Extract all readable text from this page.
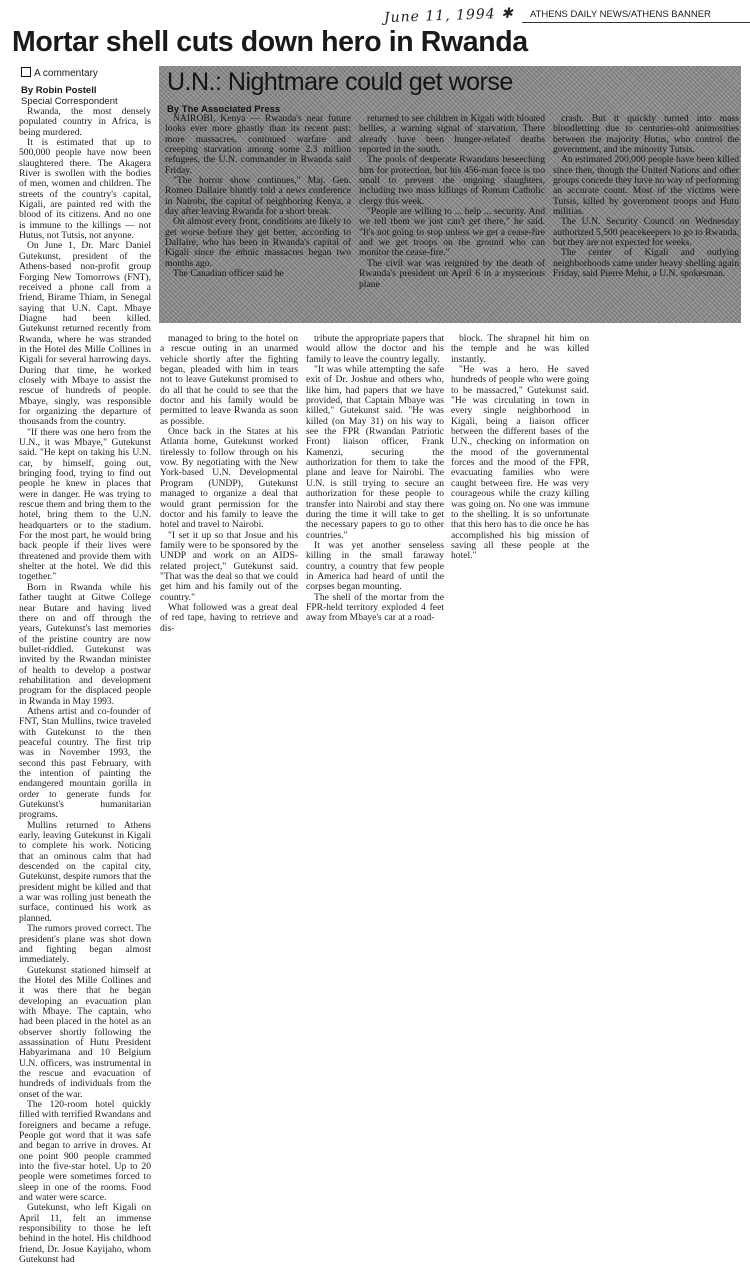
June 11, 1994 ✱ ATHENS DAILY NEWS/ATHENS BANNER
Mortar shell cuts down hero in Rwanda
A commentary
By Robin Postell
Special Correspondent
U.N.: Nightmare could get worse
By The Associated Press

NAIROBI, Kenya — Rwanda's near future looks ever more ghastly than its recent past: more massacres, continued warfare and creeping starvation among some 2.3 million refugees, the U.N. commander in Rwanda said Friday.

"The horror show continues," Maj. Gen. Romeo Dallaire bluntly told a news conference in Nairobi, the capital of neighboring Kenya, a day after leaving Rwanda for a short break.

On almost every front, conditions are likely to get worse before they get better, according to Dallaire, who has been in Rwanda's capital of Kigali since the ethnic massacres began two months ago.

The Canadian officer said he

returned to see children in Kigali with bloated bellies, a warning signal of starvation. There already have been hunger-related deaths reported in the south.

The pools of desperate Rwandans beseeching him for protection, but his 456-man force is too small to prevent the ongoing slaughters, including two mass killings of Roman Catholic clergy this week.

"People are willing to ... help ... security. And we tell them we just can't get there," he said. "It's not going to stop unless we get a cease-fire and we get troops on the ground who can monitor the cease-fire."

The civil war was reignited by the death of Rwanda's president on April 6 in a mysterious plane

crash. But it quickly turned into mass bloodletting due to centuries-old animosities between the majority Hutus, who control the government, and the minority Tutsis.

An estimated 200,000 people have been killed since then, though the United Nations and other groups concede they have no way of performing an accurate count. Most of the victims were Tutsis, killed by government troops and Hutu militias.

The U.N. Security Council on Wednesday authorized 5,500 peacekeepers to go to Rwanda, but they are not expected for weeks.

The center of Kigali and outlying neighborhoods came under heavy shelling again Friday, said Pierre Mehu, a U.N. spokesman.

Rwanda, the most densely populated country in Africa, is being murdered.

It is estimated that up to 500,000 people have now been slaughtered there. The Akagera River is swollen with the bodies of men, women and children. The streets of the country's capital, Kigali, are painted red with the blood of its citizens. And no one is immune to the killings — not Hutus, not Tutsis, not anyone.

On June 1, Dr. Marc Daniel Gutekunst, president of the Athens-based non-profit group Forging New Tomorrows (FNT), received a phone call from a friend, Birame Thiam, in Senegal saying that U.N. Capt. Mbaye Diagne had been killed. Gutekunst returned recently from Rwanda, where he was stranded in the Hotel des Mille Collines in Kigali for several harrowing days. During that time, he worked closely with Mbaye to assist the rescue of hundreds of people. Mbaye, singly, was responsible for organizing the departure of thousands from the country.

"If there was one hero from the U.N., it was Mbaye," Gutekunst said. "He kept on taking his U.N. car, by himself, going out, bringing food, trying to find out people he knew in places that were in danger. He was trying to rescue them and bring them to the hotel, bring them to the U.N. headquarters or to the stadium. For the most part, he would bring back people if their lives were threatened and provide them with shelter at the hotel. We did this together."

Born in Rwanda while his father taught at Gitwe College near Butare and having lived there on and off through the years, Gutekunst's last memories of the pristine country are now bullet-riddled. Gutekunst was invited by the Rwandan minister of health to develop a postwar rehabilitation and development program for the displaced people in Rwanda in May 1993.

Athens artist and co-founder of FNT, Stan Mullins, twice traveled with Gutekunst to the then peaceful country. The first trip was in November 1993, the second this past February, with the intention of painting the endangered mountain gorilla in order to generate funds for Gutekunst's humanitarian programs.

Mullins returned to Athens early, leaving Gutekunst in Kigali to complete his work. Noticing that an ominous calm that had descended on the capital city, Gutekunst, despite rumors that the president might be killed and that a war was rolling just beneath the surface, continued his work as planned.

The rumors proved correct. The president's plane was shot down and fighting began almost immediately.

Gutekunst stationed himself at the Hotel des Mille Collines and it was there that he began developing an evacuation plan with Mbaye. The captain, who had been placed in the hotel as an observer shortly following the assassination of Hutu President Habyarimana and 10 Belgium U.N. officers, was instrumental in the rescue and evacuation of hundreds of individuals from the onset of the war.

The 120-room hotel quickly filled with terrified Rwandans and foreigners and became a refuge. People got word that it was safe and began to arrive in droves. At one point 900 people crammed into the five-star hotel. Up to 20 people were sometimes forced to sleep in one of the rooms. Food and water were scarce.

Gutekunst, who left Kigali on April 11, felt an immense responsibility to those he left behind in the hotel. His childhood friend, Dr. Josue Kayijaho, whom Gutekunst had

managed to bring to the hotel on a rescue outing in an unarmed vehicle shortly after the fighting began, pleaded with him in tears not to leave Gutekunst promised to do all that he could to see that the doctor and his family would be permitted to leave Rwanda as soon as possible.

Once back in the States at his Atlanta home, Gutekunst worked tirelessly to follow through on his vow. By negotiating with the New York-based U.N. Developmental Program (UNDP), Gutekunst managed to organize a deal that would grant permission for the doctor and his family to leave the hotel and travel to Nairobi.

"I set it up so that Josue and his family were to be sponsored by the UNDP and work on an AIDS-related project," Gutekunst said. "That was the deal so that we could get him and his family out of the country."

What followed was a great deal of red tape, having to retrieve and dis-

tribute the appropriate papers that would allow the doctor and his family to leave the country legally.

"It was while attempting the safe exit of Dr. Joshue and others who, like him, had papers that we have provided, that Captain Mbaye was killed," Gutekunst said. "He was killed (on May 31) on his way to see the FPR (Rwandan Patriotic Front) liaison officer, Frank Kamenzi, securing the authorization for them to take the plane and leave for Nairobi. The U.N. is still trying to secure an authorization for these people to transfer into Nairobi and stay there during the time it will take to get the necessary papers to go to other countries."

It was yet another senseless killing in the small faraway country, a country that few people in America had heard of until the corpses began mounting.

The shell of the mortar from the FPR-held territory exploded 4 feet away from Mbaye's car at a road-

block. The shrapnel hit him on the temple and he was killed instantly.

"He was a hero. He saved hundreds of people who were going to be massacred," Gutekunst said. "He was circulating in town in every single neighborhood in Kigali, being a liaison officer between the different bases of the U.N., checking on information on the mood of the governmental forces and the mood of the FPR, evacuating families who were caught between fire. He was very courageous while the crazy killing was going on. No one was immune to the shelling. It is so unfortunate that this hero has to die once he has accomplished his big mission of saving all these people at the hotel."
